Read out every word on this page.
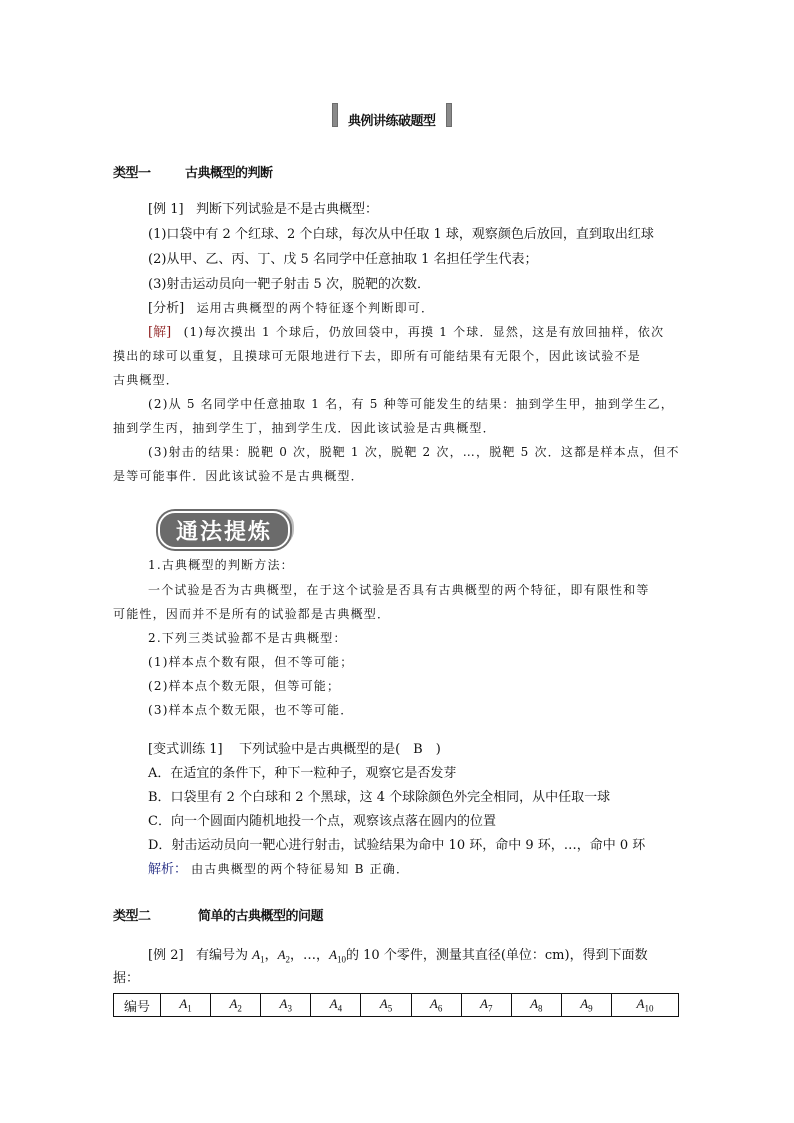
典例讲练破题型
类型一	古典概型的判断
[例 1] 判断下列试验是不是古典概型：
(1)口袋中有 2 个红球、2 个白球，每次从中任取 1 球，观察颜色后放回，直到取出红球
(2)从甲、乙、丙、丁、戊 5 名同学中任意抽取 1 名担任学生代表；
(3)射击运动员向一靶子射击 5 次，脱靶的次数．
[分析] 运用古典概型的两个特征逐个判断即可．
[解] (1)每次摸出 1 个球后，仍放回袋中，再摸 1 个球．显然，这是有放回抽样，依次
摸出的球可以重复，且摸球可无限地进行下去，即所有可能结果有无限个，因此该试验不是
古典概型．
(2)从 5 名同学中任意抽取 1 名，有 5 种等可能发生的结果：抽到学生甲，抽到学生乙，
抽到学生丙，抽到学生丁，抽到学生戊．因此该试验是古典概型．
(3)射击的结果：脱靶 0 次，脱靶 1 次，脱靶 2 次，…，脱靶 5 次．这都是样本点，但不
是等可能事件．因此该试验不是古典概型．
通法提炼
1.古典概型的判断方法：
一个试验是否为古典概型，在于这个试验是否具有古典概型的两个特征，即有限性和等
可能性，因而并不是所有的试验都是古典概型．
2.下列三类试验都不是古典概型：
(1)样本点个数有限，但不等可能；
(2)样本点个数无限，但等可能；
(3)样本点个数无限，也不等可能．
[变式训练 1] 下列试验中是古典概型的是(　B　)
A．在适宜的条件下，种下一粒种子，观察它是否发芽
B．口袋里有 2 个白球和 2 个黑球，这 4 个球除颜色外完全相同，从中任取一球
C．向一个圆面内随机地投一个点，观察该点落在圆内的位置
D．射击运动员向一靶心进行射击，试验结果为命中 10 环，命中 9 环，…，命中 0 环
解析： 由古典概型的两个特征易知 B 正确．
类型二	简单的古典概型的问题
[例 2] 有编号为 $A_1$，$A_2$，…，$A_{10}$的 10 个零件，测量其直径(单位：cm)，得到下面数
据：
编号	$A_1$	$A_2$	$A_3$	$A_4$	$A_5$	$A_6$	$A_7$	$A_8$	$A_9$	$A_{10}$
